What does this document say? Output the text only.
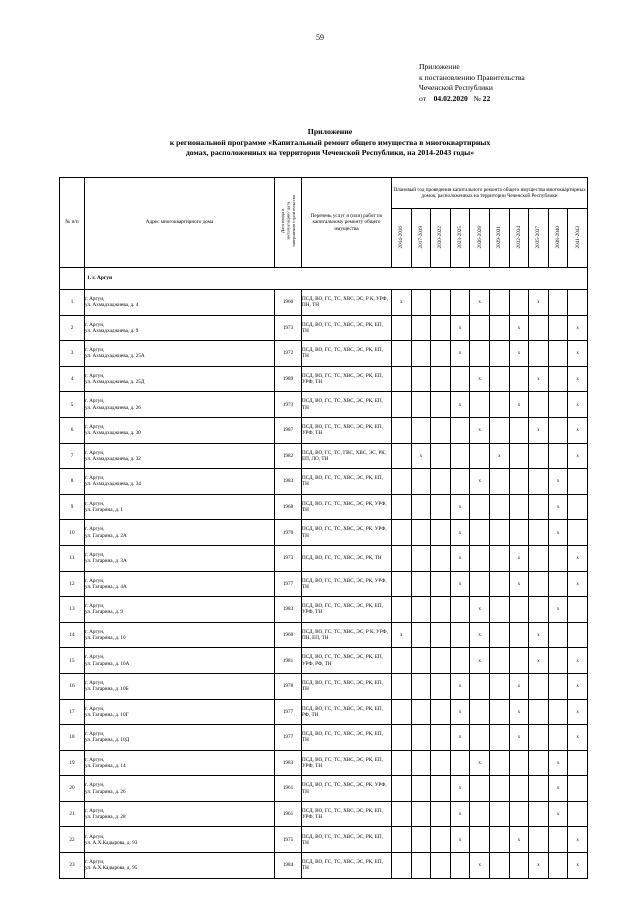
59
Приложение
к постановлению Правительства
Чеченской Республики
от 04.02.2020 № 22
Приложение
к региональной программе «Капитальный ремонт общего имущества в многоквартирных
домах, расположенных на территории Чеченской Республики, на 2014-2043 годы»
№ п/п	Адрес многоквартирного дома	Дата ввода в эксплуатацию/ дата завершения строительства	Перечень услуг и (или) работ по капитальному ремонту общего имущества	Плановый год проведения капитального ремонта общего имущества многоквартирных домов, расположенных на территории Чеченской Республики									
				2014-2016	2017-2019	2020-2022	2023-2025	2026-2028	2029-2031	2032-2034	2035-2037	2038-2040	2041-2043
	1. г. Аргун												
1	г. Аргун,
ул. Ахмадхаджиева, д. 4	1960	ПСД, ВО, ГС, ТС, ХВС, ЭС, Р К, УРФ, ПН, ТН	x				x			x		
2	г. Аргун,
ул. Ахмадхаджиева, д. 9	1973	ПСД, ВО, ГС, ТС, ХВС, ЭС, РК, ЕП, ТН				x			x			x
3	г. Аргун,
ул. Ахмадхаджиева, д. 25А	1972	ПСД, ВО, ГС, ТС, ХВС, ЭС, РК, ЕП, ТН				x			x			x
4	г. Аргун,
ул. Ахмадхаджиева, д. 25Д	1989	ПСД, ВО, ГС, ТС, ХВС, ЭС, РК, ЕП, УРФ, ТН					x			x		x
5	г. Аргун,
ул. Ахмадхаджиева, д. 26	1973	ПСД, ВО, ГС, ТС, ХВС, ЭС, РК, ЕП, ТН				x			x			x
6	г. Аргун,
ул. Ахмадхаджиева, д. 30	1987	ПСД, ВО, ГС, ТС, ХВС, ЭС, РК, ЕП, УРФ, ТН					x			x		x
7	г. Аргун,
ул. Ахмадхаджиева, д. 32	1982	ПСД, ВО, ГС, ТС, ГВС, ХВС, ЭС, РК, ЕП, ЛО, ТН		x				x				x
8	г. Аргун,
ул. Ахмадхаджиева, д. 34	1983	ПСД, ВО, ГС, ТС, ХВС, ЭС, РК, ЕП, ТН					x				x	
9	г. Аргун,
ул. Гагарина, д. 1	1968	ПСД, ВО, ГС, ТС, ХВС, ЭС, РК, УРФ, ТН				x					x	
10	г. Аргун,
ул. Гагарина, д. 2А	1970	ПСД, ВО, ГС, ТС, ХВС, ЭС, РК, УРФ, ТН				x					x	
11	г. Аргун,
ул. Гагарина, д. 3А	1973	ПСД, ВО, ГС, ТС, ХВС, ЭС, РК, ТН				x			x			x
12	г. Аргун,
ул. Гагарина, д. 4А	1977	ПСД, ВО, ГС, ТС, ХВС, ЭС, РК, УРФ, ТН				x			x			x
13	г. Аргун,
ул. Гагарина, д. 9	1983	ПСД, ВО, ГС, ТС, ХВС, ЭС, РК, ЕП, УРФ, ТН					x				x	
14	г. Аргун,
ул. Гагарина, д. 10	1960	ПСД, ВО, ГС, ТС, ХВС, ЭС, Р К, УРФ, ПН, ЕП, ТН	x				x			x		
15	г. Аргун,
ул. Гагарина, д. 10А	1981	ПСД, ВО, ГС, ТС, ХВС, ЭС, РК, ЕП, УРФ, РФ, ТН					x			x		x
16	г. Аргун,
ул. Гагарина, д. 10Б	1978	ПСД, ВО, ГС, ТС, ХВС, ЭС, РК, ЕП, ТН				x			x			x
17	г. Аргун,
ул. Гагарина, д. 10Г	1977	ПСД, ВО, ГС, ТС, ХВС, ЭС, РК, ЕП, РФ, ТН				x			x			x
18	г. Аргун,
ул. Гагарина, д. 10Д	1977	ПСД, ВО, ГС, ТС, ХВС, ЭС, РК, ЕП, ТН				x			x			x
19	г. Аргун,
ул. Гагарина, д. 14	1983	ПСД, ВО, ГС, ТС, ХВС, ЭС, РК, ЕП, УРФ, ТН					x				x	
20	г. Аргун,
ул. Гагарина, д. 26	1961	ПСД, ВО, ГС, ТС, ХВС, ЭС, РК, УРФ, ТН				x					x	
21	г. Аргун,
ул. Гагарина, д. 28	1961	ПСД, ВО, ГС, ТС, ХВС, ЭС, РК, ЕП, УРФ, ТН				x					x	
22	г. Аргун,
ул. А.Х.Кадырова, д. 93	1975	ПСД, ВО, ГС, ТС, ХВС, ЭС, РК, ЕП, ТН				x			x			x
23	г. Аргун,
ул. А.Х.Кадырова, д. 95	1984	ПСД, ВО, ГС, ТС, ХВС, ЭС, РК, ЕП, ТН					x			x		x
